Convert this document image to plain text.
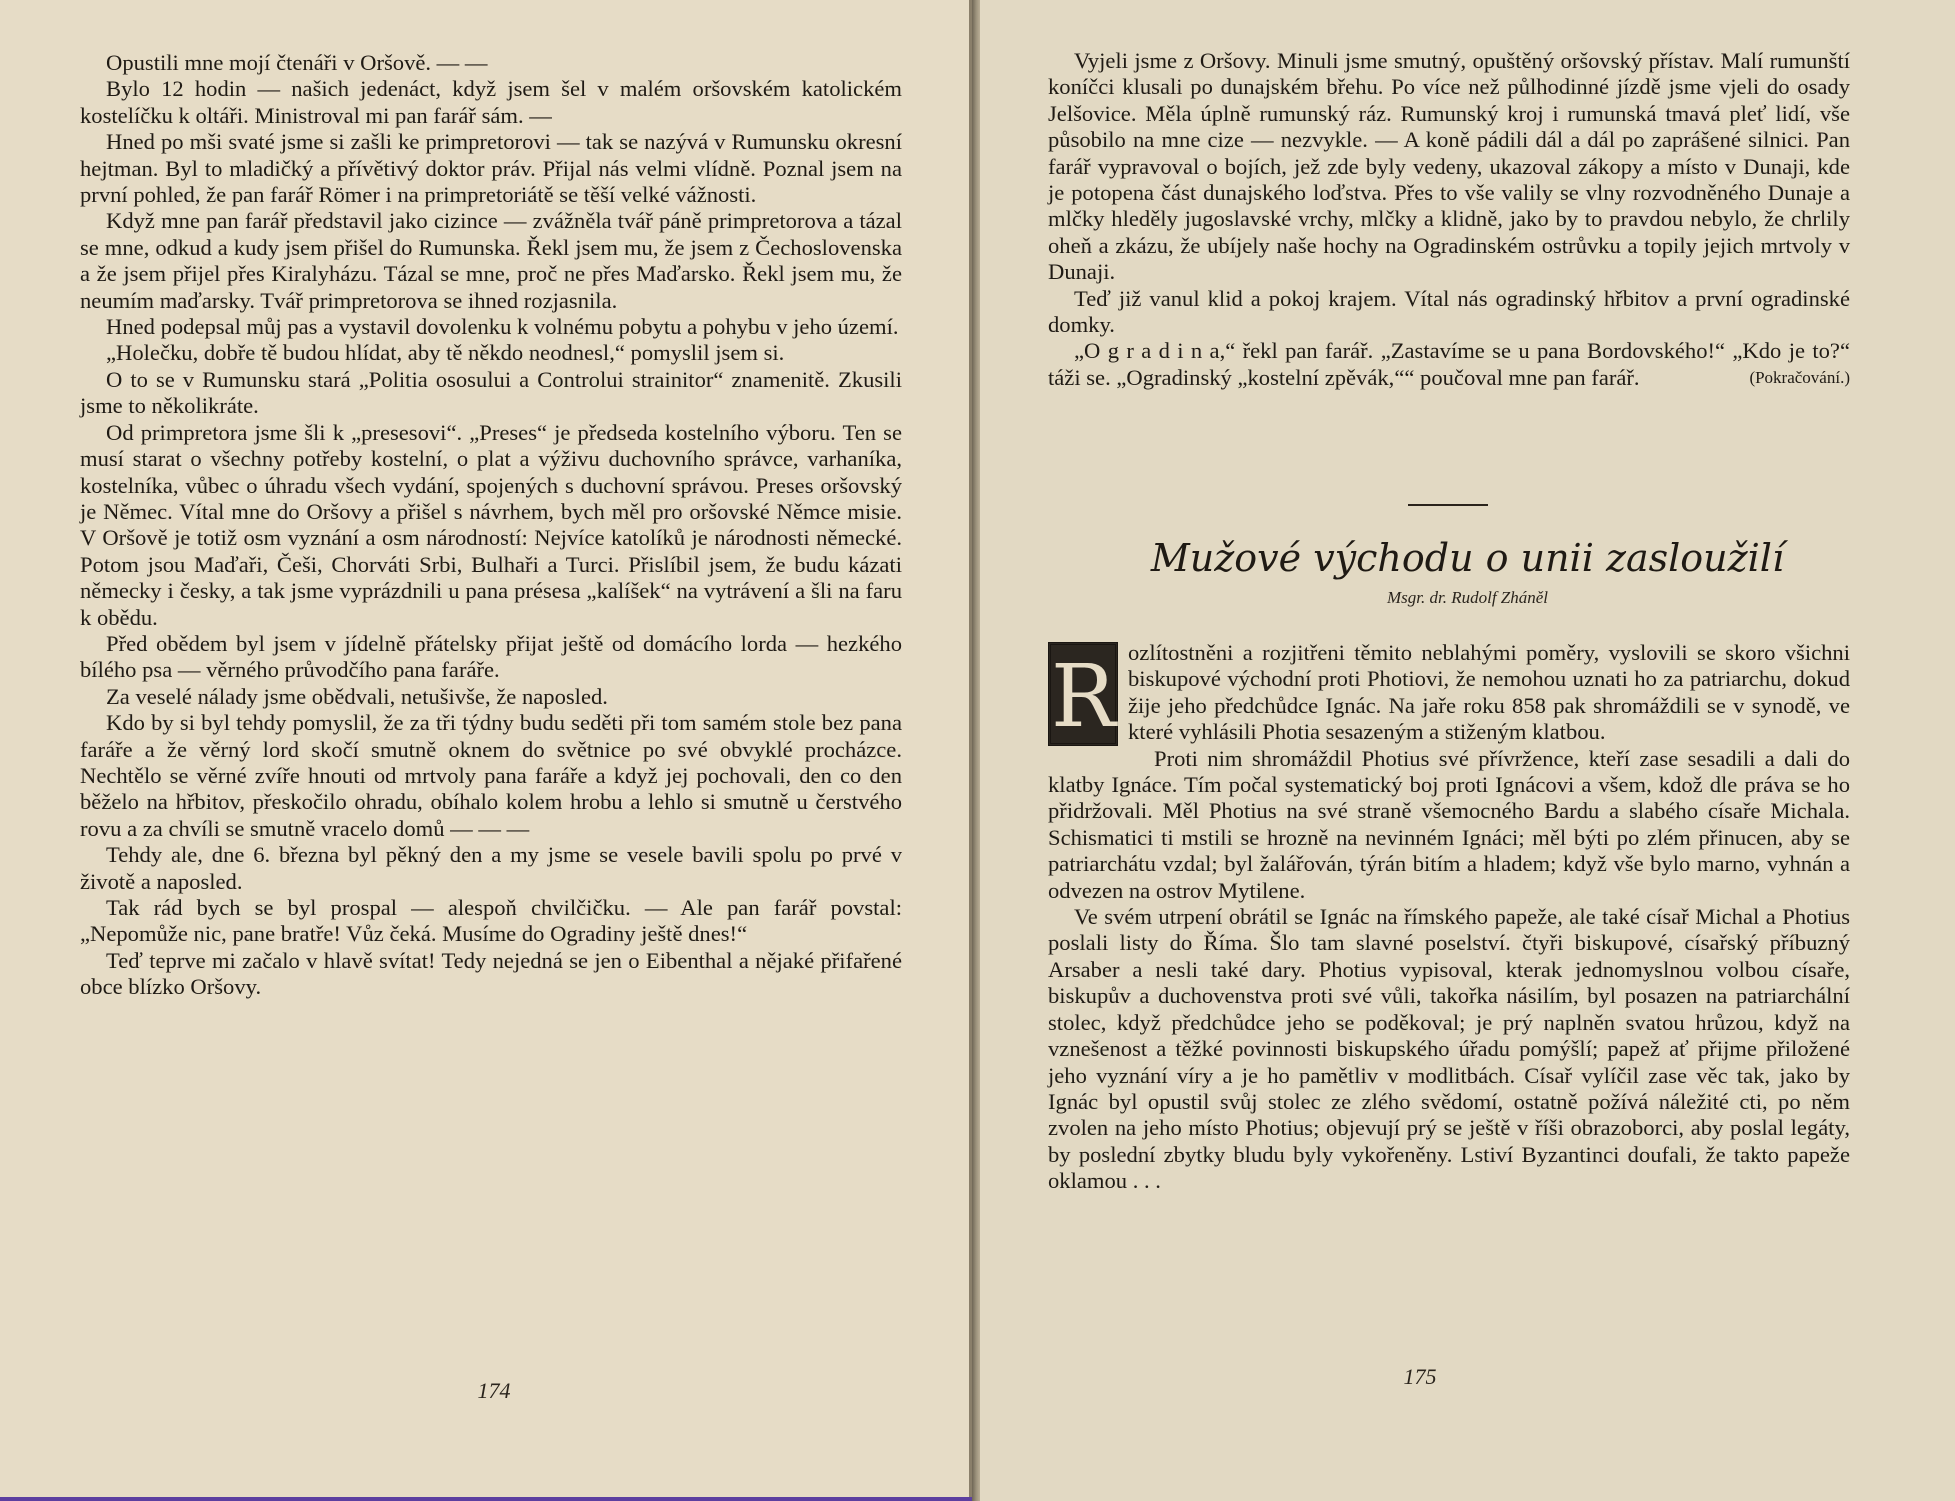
Opustili mne mojí čtenáři v Oršově. — —

Bylo 12 hodin — našich jedenáct, když jsem šel v malém oršovském katolickém kostelíčku k oltáři. Ministroval mi pan farář sám. —

Hned po mši svaté jsme si zašli ke primpretorovi — tak se nazývá v Rumunsku okresní hejtman. Byl to mladičký a přívětivý doktor práv. Přijal nás velmi vlídně. Poznal jsem na první pohled, že pan farář Römer i na primpretoriátě se těší velké vážnosti.

Když mne pan farář představil jako cizince — zvážněla tvář páně primpretorova a tázal se mne, odkud a kudy jsem přišel do Rumunska. Řekl jsem mu, že jsem z Čechoslovenska a že jsem přijel přes Kiralyházu. Tázal se mne, proč ne přes Maďarsko. Řekl jsem mu, že neumím maďarsky. Tvář primpretorova se ihned rozjasnila.

Hned podepsal můj pas a vystavil dovolenku k volnému pobytu a pohybu v jeho území.

„Holečku, dobře tě budou hlídat, aby tě někdo neodnesl,“ pomyslil jsem si.

O to se v Rumunsku stará „Politia ososului a Controlui strainitor“ znamenitě. Zkusili jsme to několikráte.

Od primpretora jsme šli k „presesovi“. „Preses“ je předseda kostelního výboru. Ten se musí starat o všechny potřeby kostelní, o plat a výživu duchovního správce, varhaníka, kostelníka, vůbec o úhradu všech vydání, spojených s duchovní správou. Preses oršovský je Němec. Vítal mne do Oršovy a přišel s návrhem, bych měl pro oršovské Němce misie. V Oršově je totiž osm vyznání a osm národností: Nejvíce katolíků je národnosti německé. Potom jsou Maďaři, Češi, Chorváti Srbi, Bulhaři a Turci. Přislíbil jsem, že budu kázati německy i česky, a tak jsme vyprázdnili u pana présesa „kalíšek“ na vytrávení a šli na faru k obědu.

Před obědem byl jsem v jídelně přátelsky přijat ještě od domácího lorda — hezkého bílého psa — věrného průvodčího pana faráře.

Za veselé nálady jsme obědvali, netušivše, že naposled.

Kdo by si byl tehdy pomyslil, že za tři týdny budu seděti při tom samém stole bez pana faráře a že věrný lord skočí smutně oknem do světnice po své obvyklé procházce. Nechtělo se věrné zvíře hnouti od mrtvoly pana faráře a když jej pochovali, den co den běželo na hřbitov, přeskočilo ohradu, obíhalo kolem hrobu a lehlo si smutně u čerstvého rovu a za chvíli se smutně vracelo domů — — —

Tehdy ale, dne 6. března byl pěkný den a my jsme se vesele bavili spolu po prvé v životě a naposled.

Tak rád bych se byl prospal — alespoň chvilčičku. — Ale pan farář povstal: „Nepomůže nic, pane bratře! Vůz čeká. Musíme do Ogradiny ještě dnes!“

Teď teprve mi začalo v hlavě svítat! Tedy nejedná se jen o Eibenthal a nějaké přifařené obce blízko Oršovy.

174

Vyjeli jsme z Oršovy. Minuli jsme smutný, opuštěný oršovský přístav. Malí rumunští koníčci klusali po dunajském břehu. Po více než půlhodinné jízdě jsme vjeli do osady Jelšovice. Měla úplně rumunský ráz. Rumunský kroj i rumunská tmavá pleť lidí, vše působilo na mne cize — nezvykle. — A koně pádili dál a dál po zaprášené silnici. Pan farář vypravoval o bojích, jež zde byly vedeny, ukazoval zákopy a místo v Dunaji, kde je potopena část dunajského loďstva. Přes to vše valily se vlny rozvodněného Dunaje a mlčky hleděly jugoslavské vrchy, mlčky a klidně, jako by to pravdou nebylo, že chrlily oheň a zkázu, že ubíjely naše hochy na Ogradinském ostrůvku a topily jejich mrtvoly v Dunaji.

Teď již vanul klid a pokoj krajem. Vítal nás ogradinský hřbitov a první ogradinské domky.

„O g r a d i n a,“ řekl pan farář. „Zastavíme se u pana Bordovského!“ „Kdo je to?“ táži se. „Ogradinský „kostelní zpěvák,““ poučoval mne pan farář.	(Pokračování.)

Mužové východu o unii zasloužilí
Msgr. dr. Rudolf Zháněl
R ozlítostněni a rozjitřeni těmito neblahými poměry, vyslovili se skoro všichni biskupové východní proti Photiovi, že nemohou uznati ho za patriarchu, dokud žije jeho předchůdce Ignác. Na jaře roku 858 pak shromáždili se v synodě, ve které vyhlásili Photia sesazeným a stiženým klatbou.

Proti nim shromáždil Photius své přívržence, kteří zase sesadili a dali do klatby Ignáce. Tím počal systematický boj proti Ignácovi a všem, kdož dle práva se ho přidržovali. Měl Photius na své straně všemocného Bardu a slabého císaře Michala. Schismatici ti mstili se hrozně na nevinném Ignáci; měl býti po zlém přinucen, aby se patriarchátu vzdal; byl žalářován, týrán bitím a hladem; když vše bylo marno, vyhnán a odvezen na ostrov Mytilene.

Ve svém utrpení obrátil se Ignác na římského papeže, ale také císař Michal a Photius poslali listy do Říma. Šlo tam slavné poselství. čtyři biskupové, císařský příbuzný Arsaber a nesli také dary. Photius vypisoval, kterak jednomyslnou volbou císaře, biskupův a duchovenstva proti své vůli, takořka násilím, byl posazen na patriarchální stolec, když předchůdce jeho se poděkoval; je prý naplněn svatou hrůzou, když na vznešenost a těžké povinnosti biskupského úřadu pomýšlí; papež ať přijme přiložené jeho vyznání víry a je ho pamětliv v modlitbách. Císař vylíčil zase věc tak, jako by Ignác byl opustil svůj stolec ze zlého svědomí, ostatně požívá náležité cti, po něm zvolen na jeho místo Photius; objevují prý se ještě v říši obrazoborci, aby poslal legáty, by poslední zbytky bludu byly vykořeněny. Lstiví Byzantinci doufali, že takto papeže oklamou . . .

175
